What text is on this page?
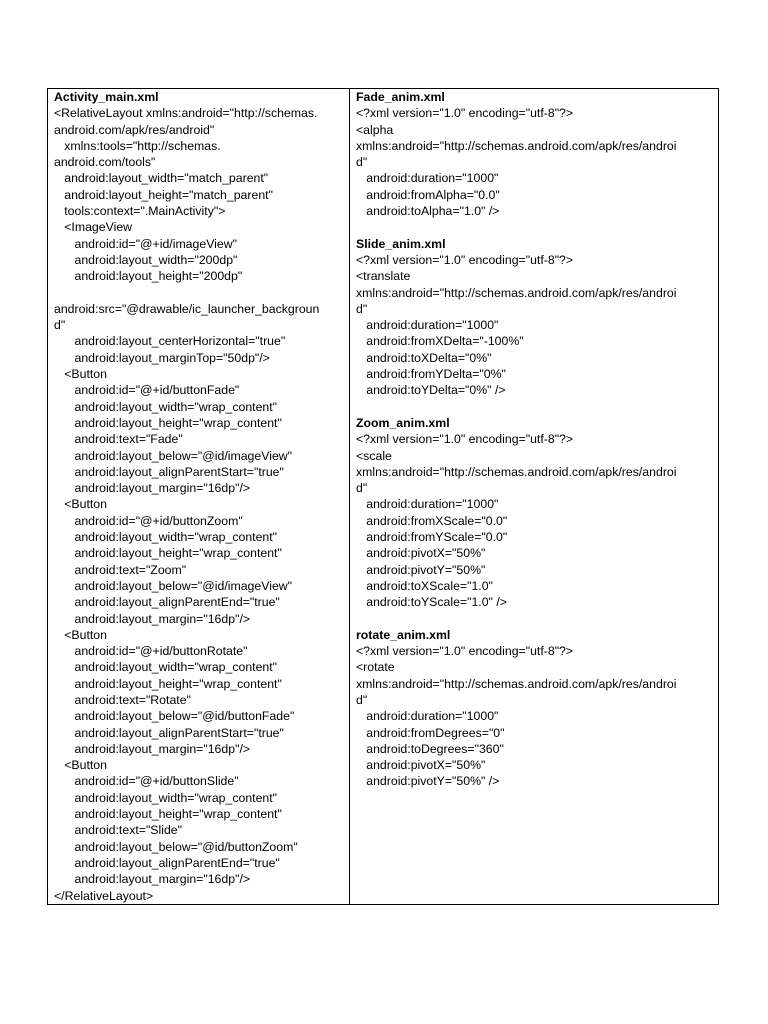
Activity_main.xml
<RelativeLayout xmlns:android="http://schemas.
android.com/apk/res/android"
xmlns:tools="http://schemas.
android.com/tools"
android:layout_width="match_parent"
android:layout_height="match_parent"
tools:context=".MainActivity">
<ImageView
android:id="@+id/imageView"
android:layout_width="200dp"
android:layout_height="200dp"
android:src="@drawable/ic_launcher_backgroun
d"
android:layout_centerHorizontal="true"
android:layout_marginTop="50dp"/>
<Button
android:id="@+id/buttonFade"
android:layout_width="wrap_content"
android:layout_height="wrap_content"
android:text="Fade"
android:layout_below="@id/imageView"
android:layout_alignParentStart="true"
android:layout_margin="16dp"/>
<Button
android:id="@+id/buttonZoom"
android:layout_width="wrap_content"
android:layout_height="wrap_content"
android:text="Zoom"
android:layout_below="@id/imageView"
android:layout_alignParentEnd="true"
android:layout_margin="16dp"/>
<Button
android:id="@+id/buttonRotate"
android:layout_width="wrap_content"
android:layout_height="wrap_content"
android:text="Rotate"
android:layout_below="@id/buttonFade"
android:layout_alignParentStart="true"
android:layout_margin="16dp"/>
<Button
android:id="@+id/buttonSlide"
android:layout_width="wrap_content"
android:layout_height="wrap_content"
android:text="Slide"
android:layout_below="@id/buttonZoom"
android:layout_alignParentEnd="true"
android:layout_margin="16dp"/>
</RelativeLayout>

Fade_anim.xml
<?xml version="1.0" encoding="utf-8"?>
<alpha
xmlns:android="http://schemas.android.com/apk/res/androi
d"
android:duration="1000"
android:fromAlpha="0.0"
android:toAlpha="1.0" />
Slide_anim.xml
<?xml version="1.0" encoding="utf-8"?>
<translate
xmlns:android="http://schemas.android.com/apk/res/androi
d"
android:duration="1000"
android:fromXDelta="-100%"
android:toXDelta="0%"
android:fromYDelta="0%"
android:toYDelta="0%" />
Zoom_anim.xml
<?xml version="1.0" encoding="utf-8"?>
<scale
xmlns:android="http://schemas.android.com/apk/res/androi
d"
android:duration="1000"
android:fromXScale="0.0"
android:fromYScale="0.0"
android:pivotX="50%"
android:pivotY="50%"
android:toXScale="1.0"
android:toYScale="1.0" />
rotate_anim.xml
<?xml version="1.0" encoding="utf-8"?>
<rotate
xmlns:android="http://schemas.android.com/apk/res/androi
d"
android:duration="1000"
android:fromDegrees="0"
android:toDegrees="360"
android:pivotX="50%"
android:pivotY="50%" />
